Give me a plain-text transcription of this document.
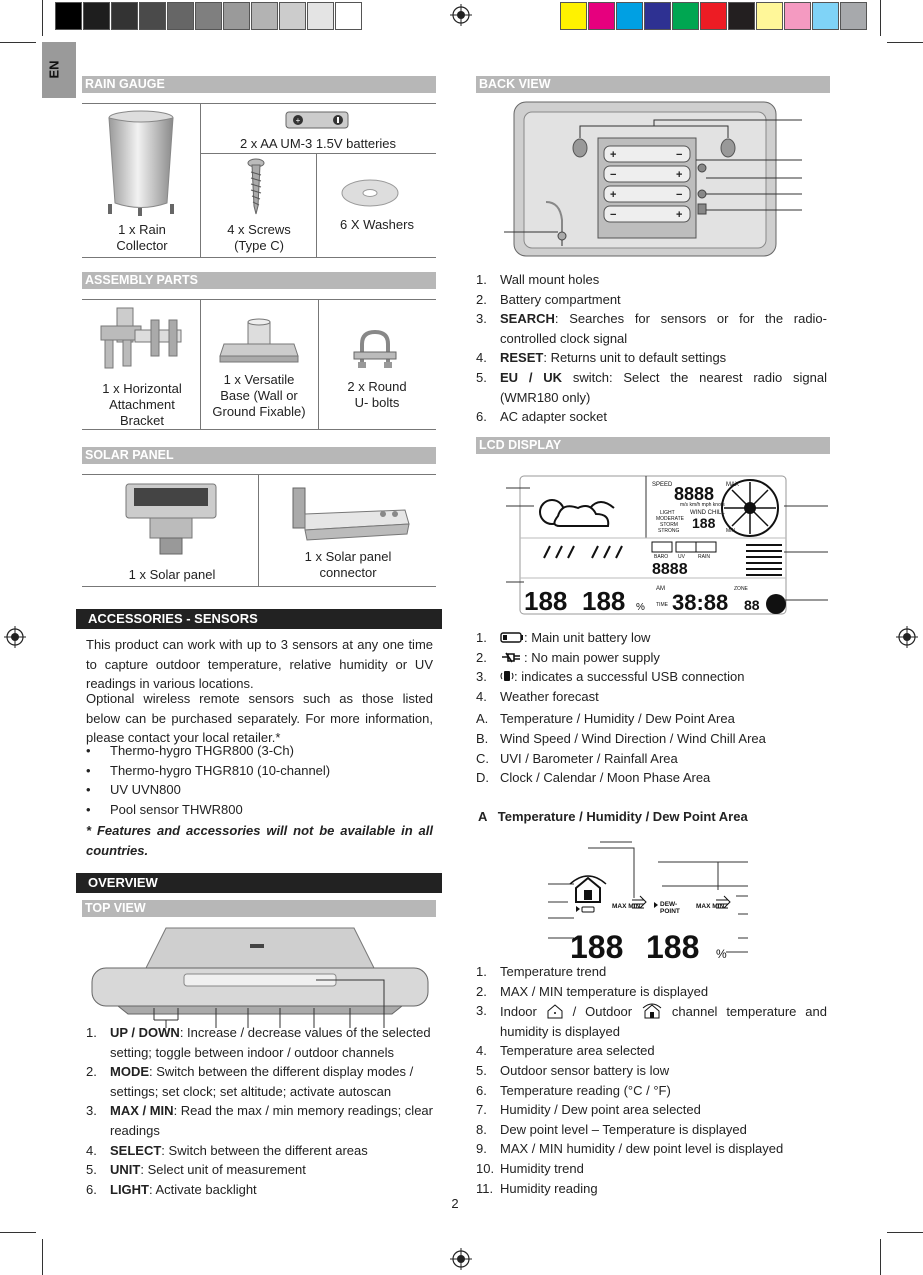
EN
RAIN GAUGE
1 x Rain
Collector
+
2 x AA UM-3 1.5V batteries
4 x Screws
(Type C)
6 X Washers
ASSEMBLY PARTS
1 x Horizontal
Attachment
Bracket
1 x Versatile
Base (Wall or
Ground Fixable)
2 x Round
U- bolts
SOLAR PANEL
1 x Solar panel
1 x Solar panel
connector
ACCESSORIES - SENSORS
This product can work with up to 3 sensors at any one time to capture outdoor temperature, relative humidity or UV readings in various locations.
Optional wireless remote sensors such as those listed below can be purchased separately. For more information, please contact your local retailer.*
• Thermo-hygro THGR800 (3-Ch)
• Thermo-hygro THGR810 (10-channel)
• UV UVN800
• Pool sensor THWR800
* Features and accessories will not be available in all countries.
OVERVIEW
TOP VIEW
1. UP / DOWN: Increase / decrease values of the selected setting; toggle between indoor / outdoor channels
2. MODE: Switch between the different display modes / settings; set clock; set altitude; activate autoscan
3. MAX / MIN: Read the max / min memory readings; clear readings
4. SELECT: Switch between the different areas
5. UNIT: Select unit of measurement
6. LIGHT: Activate backlight
BACK VIEW
+	−
−	+
+	−
−	+
1. Wall mount holes
2. Battery compartment
3. SEARCH: Searches for sensors or for the radio-controlled clock signal
4. RESET: Returns unit to default settings
5. EU / UK switch: Select the nearest radio signal (WMR180 only)
6. AC adapter socket
LCD DISPLAY
SPEED	MAX
m/s km/h mph knots
WIND CHILL
LIGHT
MODERATE
STORM
STRONG	MIN
BARO UV	RAIN
AM
TIME
ZONE
8888
188
8888
188 188 % 38:88 88
1.	: Main unit battery low
2.	: No main power supply
3. : indicates a successful USB connection
4. Weather forecast
A. Temperature / Humidity / Dew Point Area
B. Wind Speed / Wind Direction / Wind Chill Area
C. UVI / Barometer / Rainfall Area
D. Clock / Calendar / Moon Phase Area
A   Temperature / Humidity / Dew Point Area
MAX MIN	DEW-
POINT
MAX MIN
188 188 %
1. Temperature trend
2. MAX / MIN temperature is displayed
3. Indoor	/ Outdoor	channel temperature and humidity is displayed
4. Temperature area selected
5. Outdoor sensor battery is low
6. Temperature reading (°C / °F)
7. Humidity / Dew point area selected
8. Dew point level – Temperature is displayed
9. MAX / MIN humidity / dew point level is displayed
10. Humidity trend
11. Humidity reading
2
